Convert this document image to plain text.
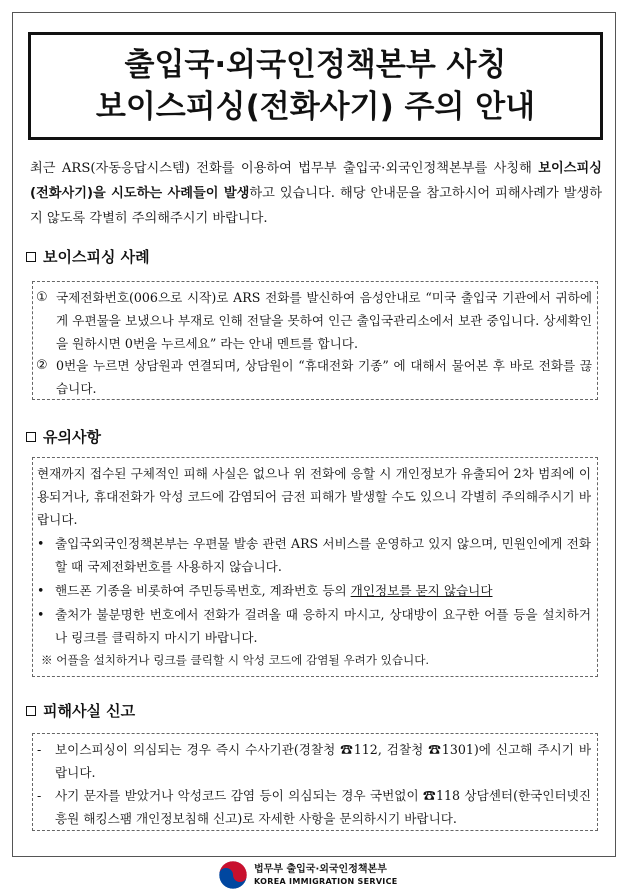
출입국·외국인정책본부 사칭
보이스피싱(전화사기) 주의 안내

최근 ARS(자동응답시스템) 전화를 이용하여 법무부 출입국·외국인정책본부를 사칭해 보이스피싱(전화사기)을 시도하는 사례들이 발생하고 있습니다. 해당 안내문을 참고하시어 피해사례가 발생하지 않도록 각별히 주의해주시기 바랍니다.

보이스피싱 사례
① 국제전화번호(006으로 시작)로 ARS 전화를 발신하여 음성안내로 “미국 출입국 기관에서 귀하에게 우편물을 보냈으나 부재로 인해 전달을 못하여 인근 출입국관리소에서 보관 중입니다. 상세확인을 원하시면 0번을 누르세요” 라는 안내 멘트를 합니다.
② 0번을 누르면 상담원과 연결되며, 상담원이 “휴대전화 기종” 에 대해서 물어본 후 바로 전화를 끊습니다.
유의사항
현재까지 접수된 구체적인 피해 사실은 없으나 위 전화에 응할 시 개인정보가 유출되어 2차 범죄에 이용되거나, 휴대전화가 악성 코드에 감염되어 금전 피해가 발생할 수도 있으니 각별히 주의해주시기 바랍니다.
• 출입국외국인정책본부는 우편물 발송 관련 ARS 서비스를 운영하고 있지 않으며, 민원인에게 전화할 때 국제전화번호를 사용하지 않습니다.
• 핸드폰 기종을 비롯하여 주민등록번호, 계좌번호 등의 개인정보를 묻지 않습니다
• 출처가 불분명한 번호에서 전화가 걸려올 때 응하지 마시고, 상대방이 요구한 어플 등을 설치하거나 링크를 클릭하지 마시기 바랍니다.
※ 어플을 설치하거나 링크를 클릭할 시 악성 코드에 감염될 우려가 있습니다.
피해사실 신고
- 보이스피싱이 의심되는 경우 즉시 수사기관(경찰청 ☎112, 검찰청 ☎1301)에 신고해 주시기 바랍니다.
- 사기 문자를 받았거나 악성코드 감염 등이 의심되는 경우 국번없이 ☎118 상담센터(한국인터넷진흥원 해킹스팸 개인정보침해 신고)로 자세한 사항을 문의하시기 바랍니다.
법무부 출입국·외국인정책본부
KOREA IMMIGRATION SERVICE
